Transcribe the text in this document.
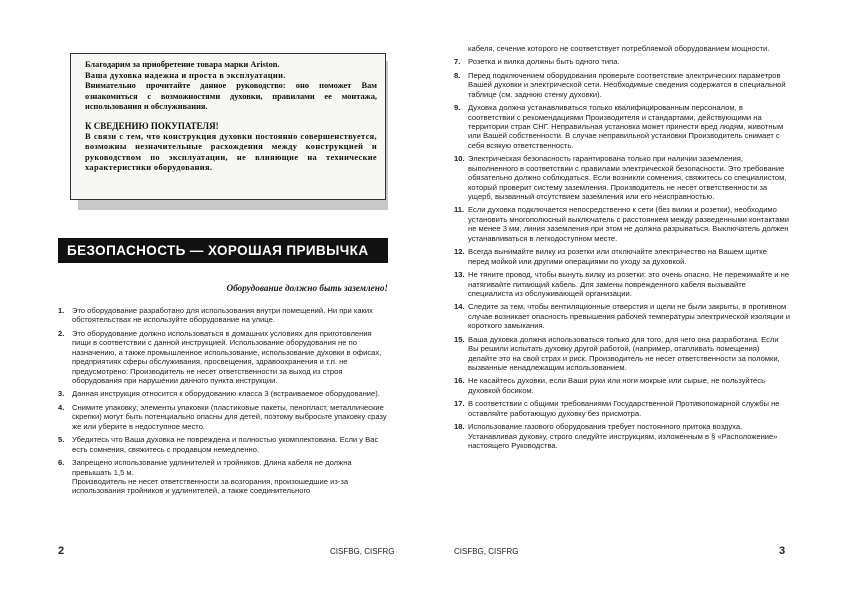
Благодарим за приобретение товара марки Ariston.

Ваша духовка надежна и проста в эксплуатации.

Внимательно прочитайте данное руководство: оно поможет Вам ознакомиться с возможностями духовки, правилами ее монтажа, использования и обслуживания.

К СВЕДЕНИЮ ПОКУПАТЕЛЯ!

В связи с тем, что конструкция духовки постоянно совершенствуется, возможны незначительные расхождения между конструкцией и руководством по эксплуатации, не влияющие на технические характеристики оборудования.

БЕЗОПАСНОСТЬ — ХОРОШАЯ ПРИВЫЧКА
Оборудование должно быть заземлено!
1. Это оборудование разработано для использования внутри помещений. Ни при каких обстоятельствах не используйте оборудование на улице.
2. Это оборудование должно использоваться в домашних условиях для приготовления пищи в соответствии с данной инструкцией. Использование оборудования не по назначению, а также промышленное использование, использование духовки в офисах, предприятиях сферы обслуживания, просвещения, здравоохранения и т.п. не предусмотрено: Производитель не несет ответственности за выход из строя оборудования при нарушении данного пункта инструкции.
3. Данная инструкция относится к оборудованию класса 3 (встраиваемое оборудование).
4. Снимите упаковку; элементы упаковки (пластиковые пакеты, пенопласт, металлические скрепки) могут быть потенциально опасны для детей, поэтому выбросьте упаковку сразу же или уберите в недоступное место.
5. Убедитесь что Ваша духовка не повреждена и полностью укомплектована. Если у Вас есть сомнения, свяжитесь с продавцом немедленно.
6. Запрещено использование удлинителей и тройников. Длина кабеля не должна превышать 1,5 м.
Производитель не несет ответственности за возгорания, произошедшие из-за использования тройников и удлинителей, а также соединительного
2	CISFBG, CISFRG
кабеля, сечение которого не соответствует потребляемой оборудованием мощности.
7. Розетка и вилка должны быть одного типа.
8. Перед подключением оборудования проверьте соответствие электрических параметров Вашей духовки и электрической сети. Необходимые сведения содержатся в специальной таблице (см. заднюю стенку духовки).
9. Духовка должна устанавливаться только квалифицированным персоналом, в соответствии с рекомендациями Производителя и стандартами, действующими на территории стран СНГ. Неправильная установка может принести вред людям, животным или Вашей собственности. В случае неправильной установки Производитель снимает с себя всякую ответственность.
10. Электрическая безопасность гарантирована только при наличии заземления, выполненного в соответствии с правилами электрической безопасности. Это требование обязательно должно соблюдаться. Если возникли сомнения, свяжитесь со специалистом, который проверит систему заземления. Производитель не несет ответственности за ущерб, вызванный отсутствием заземления или его неисправностью.
11. Если духовка подключается непосредственно к сети (без вилки и розетки), необходимо установить многополюсный выключатель с расстоянием между разведенными контактами не менее 3 мм, линия заземления при этом не должна разрываться. Выключатель должен устанавливаться в легкодоступном месте.
12. Всегда вынимайте вилку из розетки или отключайте электричество на Вашем щитке перед мойкой или другими операциями по уходу за духовкой.
13. Не тяните провод, чтобы вынуть вилку из розетки: это очень опасно. Не пережимайте и не натягивайте питающий кабель. Для замены поврежденного кабеля вызывайте специалиста из обслуживающей организации.
14. Следите за тем, чтобы вентиляционные отверстия и щели не были закрыты, в противном случае возникает опасность превышения рабочей температуры электрической изоляции и короткого замыкания.
15. Ваша духовка должна использоваться только для того, для чего она разработана. Если Вы решили испытать духовку другой работой, (например, отапливать помещения) делайте это на свой страх и риск. Производитель не несет ответственности за поломки, вызванные ненадлежащим использованием.
16. Не касайтесь духовки, если Ваши руки или ноги мокрые или сырые, не пользуйтесь духовкой босиком.
17. В соответствии с общими требованиями Государственной Противопожарной службы не оставляйте работающую духовку без присмотра.
18. Использование газового оборудования требует постоянного притока воздуха. Устанавливая духовку, строго следуйте инструкциям, изложенным в § «Расположение» настоящего Руководства.
CISFBG, CISFRG	3
